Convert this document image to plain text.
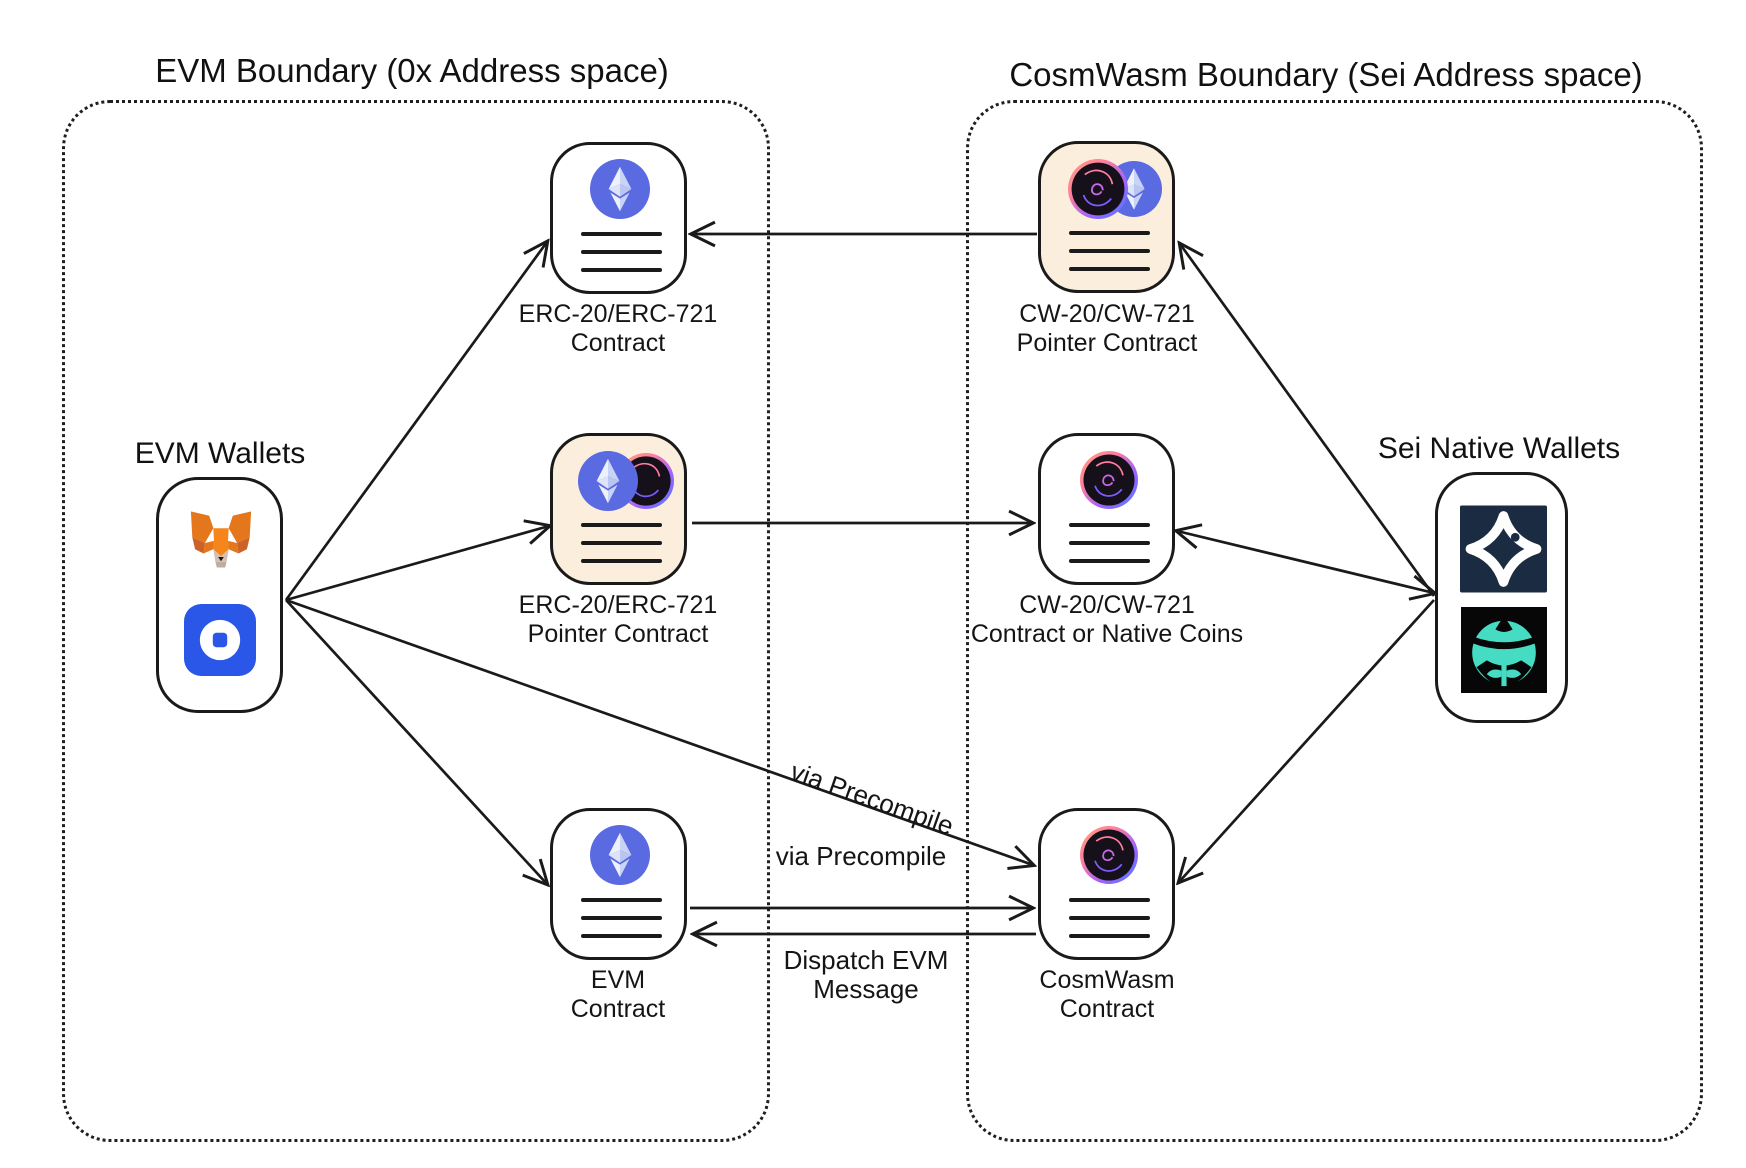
EVM Boundary (0x Address space)	CosmWasm Boundary (Sei Address space)
via Precompile
via Precompile
Dispatch EVM
Message
ERC-20/ERC-721
Contract
CW-20/CW-721
Pointer Contract
ERC-20/ERC-721
Pointer Contract
CW-20/CW-721
Contract or Native Coins
EVM
Contract
CosmWasm
Contract
EVM Wallets	Sei Native Wallets
